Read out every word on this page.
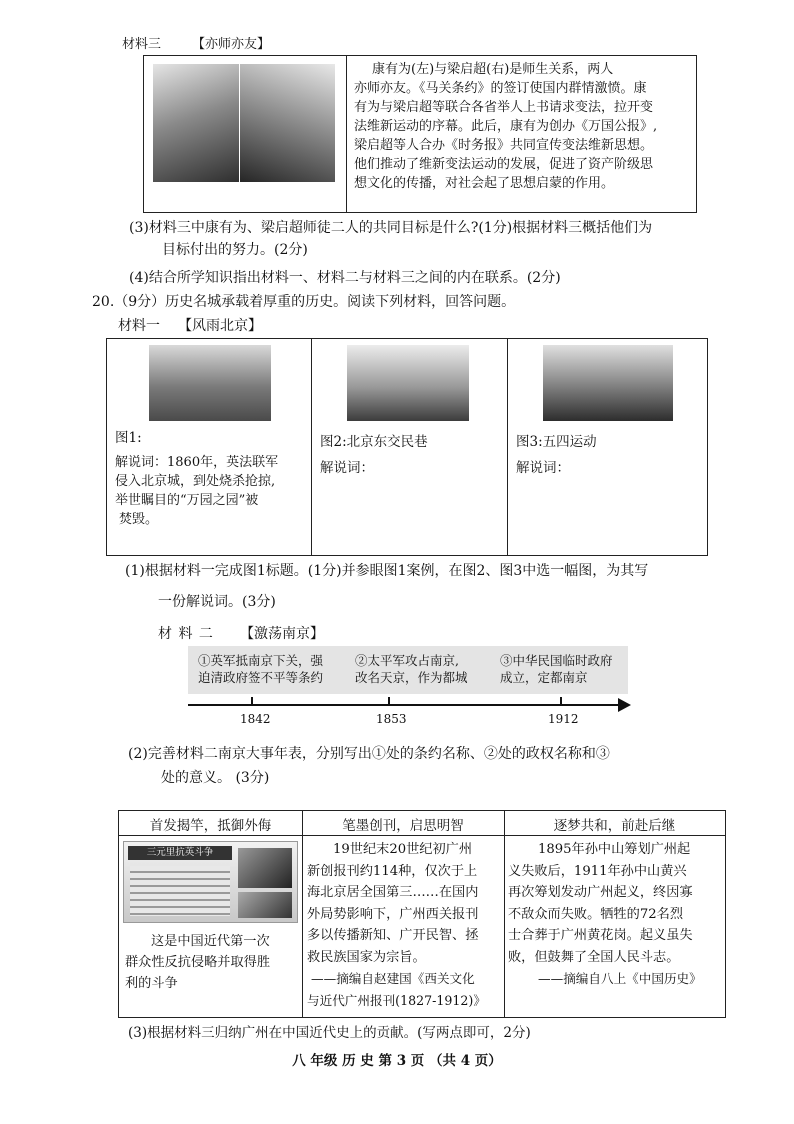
材料三 【亦师亦友】
康有为(左)与梁启超(右)是师生关系，两人
亦师亦友。《马关条约》的签订使国内群情激愤。康
有为与梁启超等联合各省举人上书请求变法，拉开变
法维新运动的序幕。此后，康有为创办《万国公报》,
梁启超等人合办《时务报》共同宣传变法维新思想。
他们推动了维新变法运动的发展，促进了资产阶级思
想文化的传播，对社会起了思想启蒙的作用。
(3)材料三中康有为、梁启超师徒二人的共同目标是什么?(1分)根据材料三概括他们为
目标付出的努力。(2分)
(4)结合所学知识指出材料一、材料二与材料三之间的内在联系。(2分)
20.（9分）历史名城承载着厚重的历史。阅读下列材料，回答问题。
材料一 【风雨北京】
图1:
解说词：1860年，英法联军
侵入北京城，到处烧杀抢掠,
举世瞩目的“万园之园”被
焚毁。
图2:北京东交民巷
解说词：
图3:五四运动
解说词：
(1)根据材料一完成图1标题。(1分)并参眼图1案例，在图2、图3中选一幅图，为其写
一份解说词。(3分)
材 料 二 【激荡南京】
①英军抵南京下关，强
迫清政府签不平等条约
②太平军攻占南京,
改名天京，作为都城
③中华民国临时政府
成立，定都南京
1842	1853	1912
(2)完善材料二南京大事年表，分别写出①处的条约名称、②处的政权名称和③
处的意义。 (3分)
首发揭竿，抵御外侮	笔墨创刊，启思明智	逐梦共和，前赴后继
三元里抗英斗争
这是中国近代第一次
群众性反抗侵略并取得胜
利的斗争
19世纪末20世纪初广州
新创报刊约114种，仅次于上
海北京居全国第三……在国内
外局势影响下，广州西关报刊
多以传播新知、广开民智、拯
救民族国家为宗旨。
——摘编自赵建国《西关文化
与近代广州报刊(1827-1912)》
1895年孙中山筹划广州起
义失败后，1911年孙中山黄兴
再次筹划发动广州起义，终因寡
不敌众而失败。牺牲的72名烈
士合葬于广州黄花岗。起义虽失
败，但鼓舞了全国人民斗志。
——摘编自八上《中国历史》
(3)根据材料三归纳广州在中国近代史上的贡献。(写两点即可，2分)
八 年级 历 史 第 3 页 （共 4 页）
